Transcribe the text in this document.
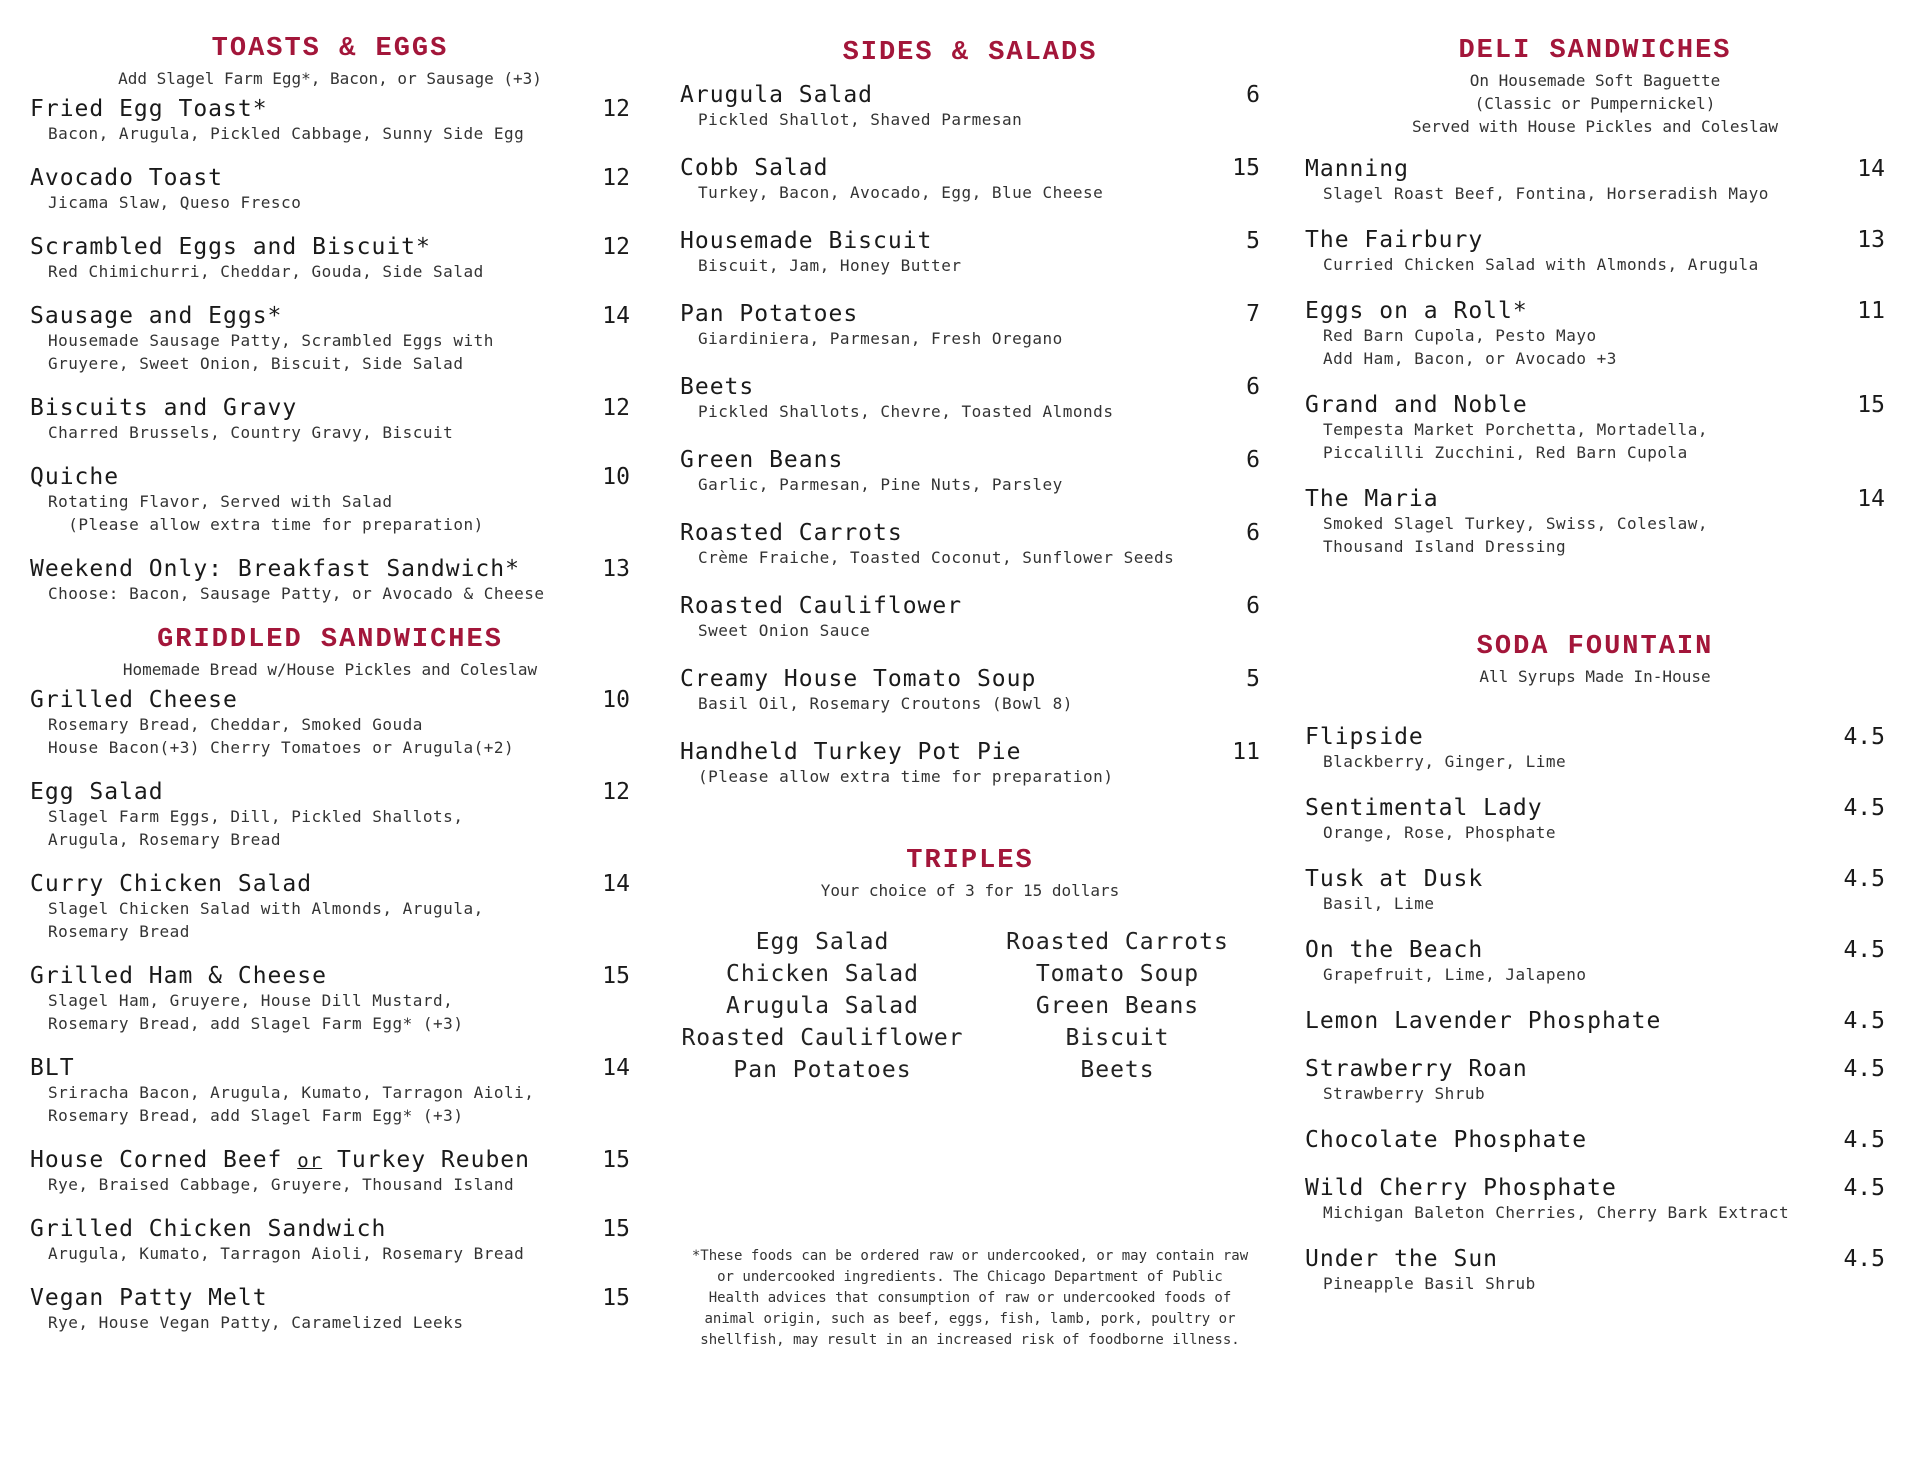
TOASTS & EGGS
Add Slagel Farm Egg*, Bacon, or Sausage (+3)
Fried Egg Toast*	12
Bacon, Arugula, Pickled Cabbage, Sunny Side Egg
Avocado Toast	12
Jicama Slaw, Queso Fresco
Scrambled Eggs and Biscuit*	12
Red Chimichurri, Cheddar, Gouda, Side Salad
Sausage and Eggs*	14
Housemade Sausage Patty, Scrambled Eggs with
Gruyere, Sweet Onion, Biscuit, Side Salad
Biscuits and Gravy	12
Charred Brussels, Country Gravy, Biscuit
Quiche	10
Rotating Flavor, Served with Salad
(Please allow extra time for preparation)
Weekend Only: Breakfast Sandwich*	13
Choose: Bacon, Sausage Patty, or Avocado & Cheese
GRIDDLED SANDWICHES
Homemade Bread w/House Pickles and Coleslaw
Grilled Cheese	10
Rosemary Bread, Cheddar, Smoked Gouda
House Bacon(+3) Cherry Tomatoes or Arugula(+2)
Egg Salad	12
Slagel Farm Eggs, Dill, Pickled Shallots,
Arugula, Rosemary Bread
Curry Chicken Salad	14
Slagel Chicken Salad with Almonds, Arugula,
Rosemary Bread
Grilled Ham & Cheese	15
Slagel Ham, Gruyere, House Dill Mustard,
Rosemary Bread, add Slagel Farm Egg* (+3)
BLT	14
Sriracha Bacon, Arugula, Kumato, Tarragon Aioli,
Rosemary Bread, add Slagel Farm Egg* (+3)
House Corned Beef or Turkey Reuben	15
Rye, Braised Cabbage, Gruyere, Thousand Island
Grilled Chicken Sandwich	15
Arugula, Kumato, Tarragon Aioli, Rosemary Bread
Vegan Patty Melt	15
Rye, House Vegan Patty, Caramelized Leeks
SIDES & SALADS
Arugula Salad	6
Pickled Shallot, Shaved Parmesan
Cobb Salad	15
Turkey, Bacon, Avocado, Egg, Blue Cheese
Housemade Biscuit	5
Biscuit, Jam, Honey Butter
Pan Potatoes	7
Giardiniera, Parmesan, Fresh Oregano
Beets	6
Pickled Shallots, Chevre, Toasted Almonds
Green Beans	6
Garlic, Parmesan, Pine Nuts, Parsley
Roasted Carrots	6
Crème Fraiche, Toasted Coconut, Sunflower Seeds
Roasted Cauliflower	6
Sweet Onion Sauce
Creamy House Tomato Soup	5
Basil Oil, Rosemary Croutons (Bowl 8)
Handheld Turkey Pot Pie	11
(Please allow extra time for preparation)
TRIPLES
Your choice of 3 for 15 dollars
Egg Salad
Chicken Salad
Arugula Salad
Roasted Cauliflower
Pan Potatoes
Roasted Carrots
Tomato Soup
Green Beans
Biscuit
Beets

*These foods can be ordered raw or undercooked, or may contain raw or undercooked ingredients. The Chicago Department of Public Health advices that consumption of raw or undercooked foods of animal origin, such as beef, eggs, fish, lamb, pork, poultry or shellfish, may result in an increased risk of foodborne illness.

DELI SANDWICHES
On Housemade Soft Baguette
(Classic or Pumpernickel)
Served with House Pickles and Coleslaw
Manning	14
Slagel Roast Beef, Fontina, Horseradish Mayo
The Fairbury	13
Curried Chicken Salad with Almonds, Arugula
Eggs on a Roll*	11
Red Barn Cupola, Pesto Mayo
Add Ham, Bacon, or Avocado +3
Grand and Noble	15
Tempesta Market Porchetta, Mortadella,
Piccalilli Zucchini, Red Barn Cupola
The Maria	14
Smoked Slagel Turkey, Swiss, Coleslaw,
Thousand Island Dressing
SODA FOUNTAIN
All Syrups Made In-House
Flipside	4.5
Blackberry, Ginger, Lime
Sentimental Lady	4.5
Orange, Rose, Phosphate
Tusk at Dusk	4.5
Basil, Lime
On the Beach	4.5
Grapefruit, Lime, Jalapeno
Lemon Lavender Phosphate	4.5
Strawberry Roan	4.5
Strawberry Shrub
Chocolate Phosphate	4.5
Wild Cherry Phosphate	4.5
Michigan Baleton Cherries, Cherry Bark Extract
Under the Sun	4.5
Pineapple Basil Shrub
